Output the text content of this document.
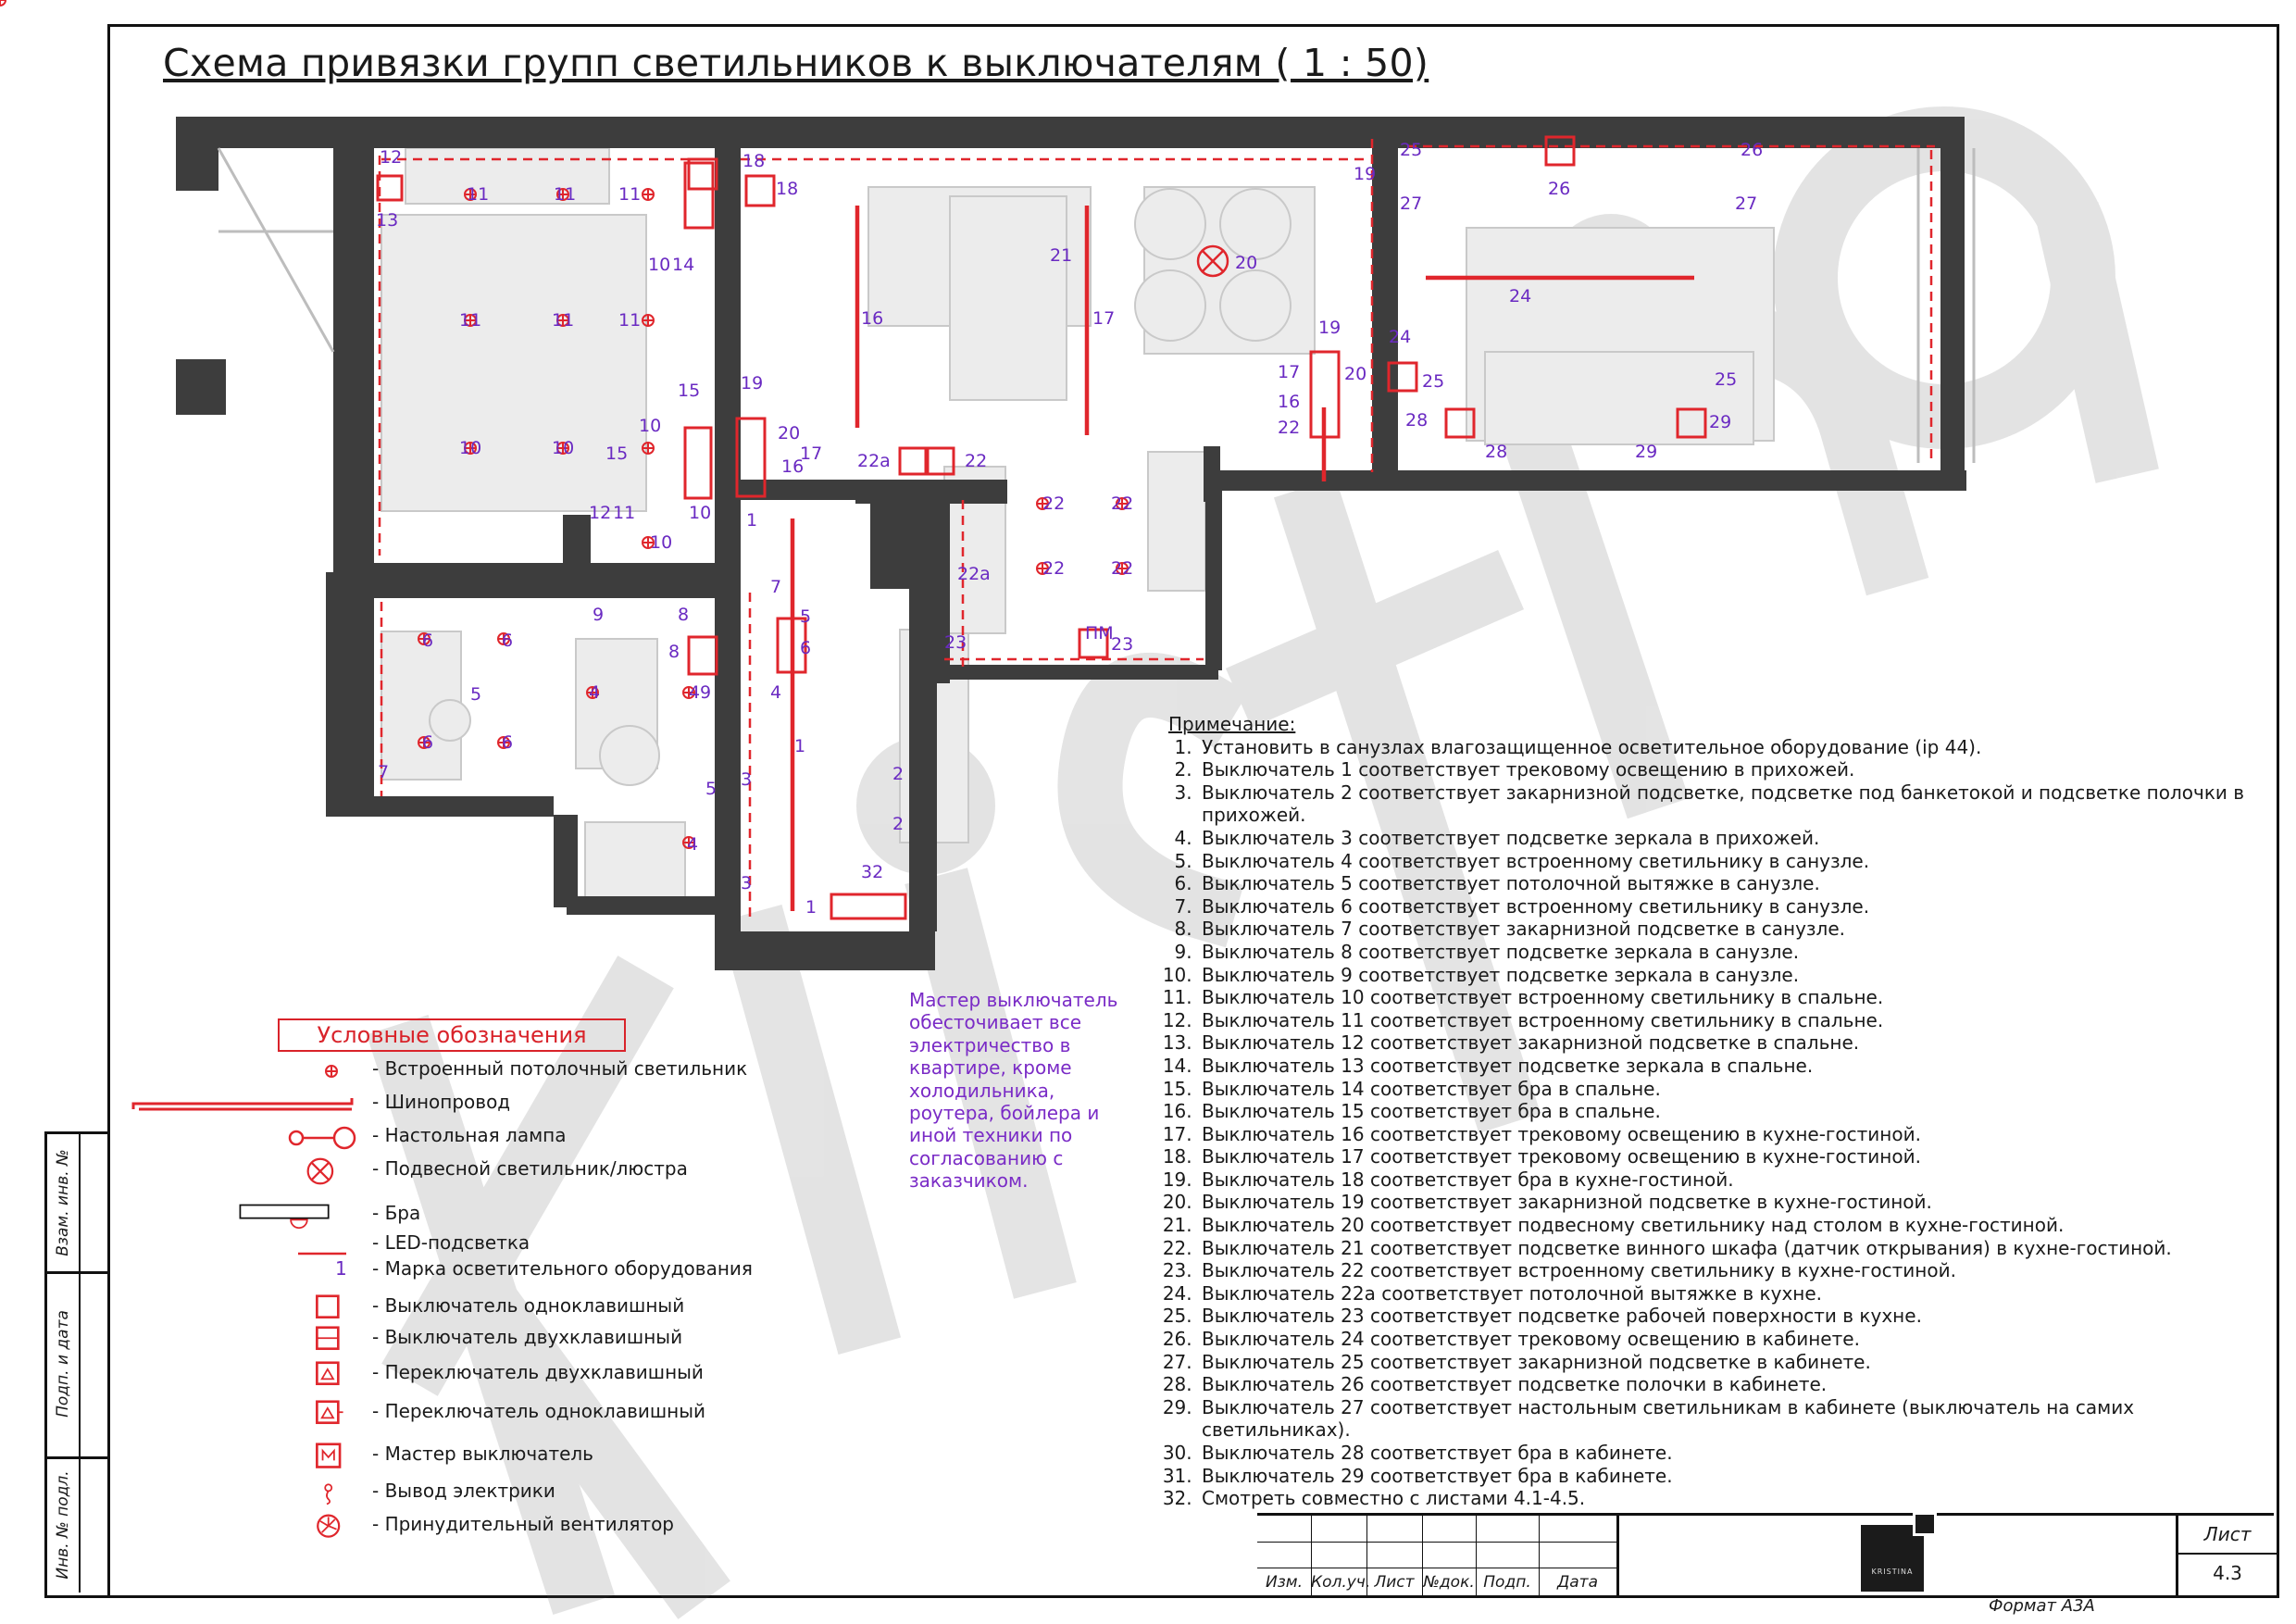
Схема привязки групп светильников к выключателям ( 1 : 50)
12
13
11	11 11
11	11	11
10	10
10 14
15
10
15
12 11	10
10
18
18
21
16	17
19
20
17
16
1
20
19
17	20
16
22
22a	22
22	22
22	22
22a
23	23
25
26
27	27
26
19
24
24
25	25
28
28	29
29
6	6
5
6	6
4	4 9
9	8
8
7
5
6
7
4
1
5
4
3
3
2
2
32
1
ПМ
Мастер выключатель обесточивает все электричество в квартире, кроме холодильника, роутера, бойлера и иной техники по согласованию с заказчиком.
Условные обозначения
- Встроенный потолочный светильник
- Шинопровод
- Настольная лампа
- Подвесной светильник/люстра
- Бра
- LED-подсветка
1 - Марка осветительного оборудования
- Выключатель одноклавишный
- Выключатель двухклавишный
- Переключатель двухклавишный
- Переключатель одноклавишный
- Мастер выключатель
- Вывод электрики
- Принудительный вентилятор
Примечание:
1. Установить в санузлах влагозащищенное осветительное оборудование (ip 44).
2. Выключатель 1 соответствует трековому освещению в прихожей.
3. Выключатель 2 соответствует закарнизной подсветке, подсветке под банкетокой и подсветке полочки в прихожей.
4. Выключатель 3 соответствует подсветке зеркала в прихожей.
5. Выключатель 4 соответствует встроенному светильнику в санузле.
6. Выключатель 5 соответствует потолочной вытяжке в санузле.
7. Выключатель 6 соответствует встроенному светильнику в санузле.
8. Выключатель 7 соответствует закарнизной подсветке в санузле.
9. Выключатель 8 соответствует подсветке зеркала в санузле.
10. Выключатель 9 соответствует подсветке зеркала в санузле.
11. Выключатель 10 соответствует встроенному светильнику в спальне.
12. Выключатель 11 соответствует встроенному светильнику в спальне.
13. Выключатель 12 соответствует закарнизной подсветке в спальне.
14. Выключатель 13 соответствует подсветке зеркала в спальне.
15. Выключатель 14 соответствует бра в спальне.
16. Выключатель 15 соответствует бра в спальне.
17. Выключатель 16 соответствует трековому освещению в кухне-гостиной.
18. Выключатель 17 соответствует трековому освещению в кухне-гостиной.
19. Выключатель 18 соответствует бра в кухне-гостиной.
20. Выключатель 19 соответствует закарнизной подсветке в кухне-гостиной.
21. Выключатель 20 соответствует подвесному светильнику над столом в кухне-гостиной.
22. Выключатель 21 соответствует подсветке винного шкафа (датчик открывания) в кухне-гостиной.
23. Выключатель 22 соответствует встроенному светильнику в кухне-гостиной.
24. Выключатель 22а соответствует потолочной вытяжке в кухне.
25. Выключатель 23 соответствует подсветке рабочей поверхности в кухне.
26. Выключатель 24 соответствует трековому освещению в кабинете.
27. Выключатель 25 соответствует закарнизной подсветке в кабинете.
28. Выключатель 26 соответствует подсветке полочки в кабинете.
29. Выключатель 27 соответствует настольным светильникам в кабинете (выключатель на самих светильниках).
30. Выключатель 28 соответствует бра в кабинете.
31. Выключатель 29 соответствует бра в кабинете.
32. Смотреть совместно с листами 4.1-4.5.
Взам. инв. №
Подп. и дата
Инв. № подл.
Изм. Кол.уч. Лист №док. Подп.	Дата
KRISTINA
Лист
4.3
Формат А3А
